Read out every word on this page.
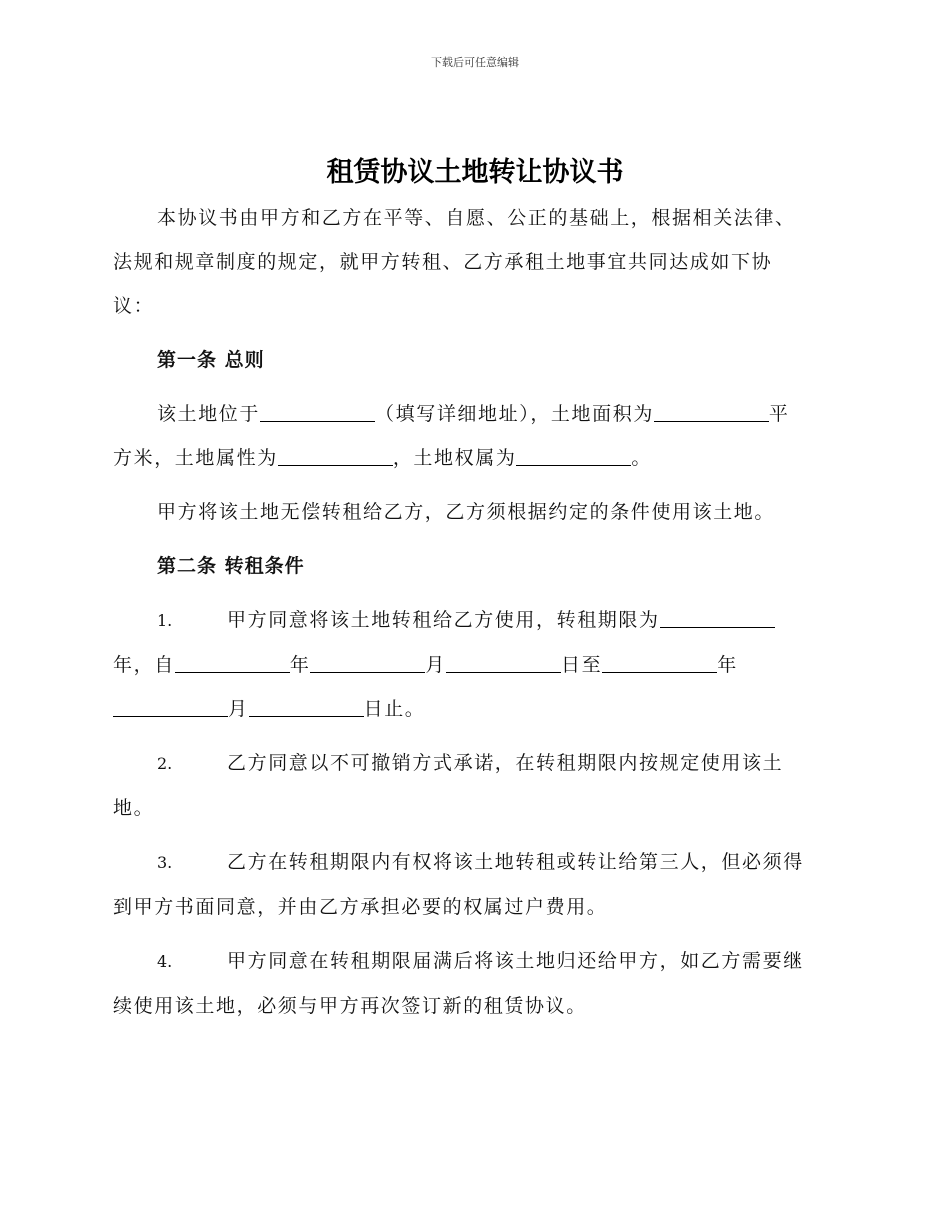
下载后可任意编辑
租赁协议土地转让协议书

本协议书由甲方和乙方在平等、自愿、公正的基础上，根据相关法律、

法规和规章制度的规定，就甲方转租、乙方承租土地事宜共同达成如下协

议：

第一条 总则

该土地位于	（填写详细地址），土地面积为	平

方米，土地属性为	，土地权属为	。

甲方将该土地无偿转租给乙方，乙方须根据约定的条件使用该土地。

第二条 转租条件

1.	甲方同意将该土地转租给乙方使用，转租期限为

年，自	年	月	日至	年

月	日止。

2.	乙方同意以不可撤销方式承诺，在转租期限内按规定使用该土

地。

3.	乙方在转租期限内有权将该土地转租或转让给第三人，但必须得

到甲方书面同意，并由乙方承担必要的权属过户费用。

4.	甲方同意在转租期限届满后将该土地归还给甲方，如乙方需要继

续使用该土地，必须与甲方再次签订新的租赁协议。
